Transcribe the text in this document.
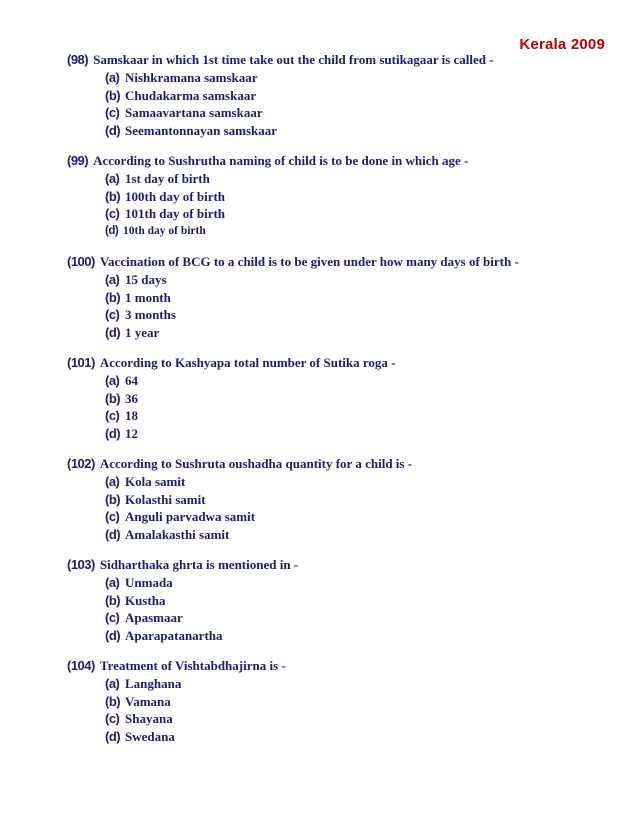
Kerala 2009
(98) Samskaar in which 1st time take out the child from sutikagaar is called -
(a) Nishkramana samskaar
(b) Chudakarma samskaar
(c) Samaavartana samskaar
(d) Seemantonnayan samskaar
(99) According to Sushrutha naming of child is to be done in which age -
(a) 1st day of birth
(b) 100th day of birth
(c) 101th day of birth
(d) 10th day of birth
(100) Vaccination of BCG to a child is to be given under how many days of birth -
(a) 15 days
(b) 1 month
(c) 3 months
(d) 1 year
(101) According to Kashyapa total number of Sutika roga -
(a) 64
(b) 36
(c) 18
(d) 12
(102) According to Sushruta oushadha quantity for a child is -
(a) Kola samit
(b) Kolasthi samit
(c) Anguli parvadwa samit
(d) Amalakasthi samit
(103) Sidharthaka ghrta is mentioned in -
(a) Unmada
(b) Kustha
(c) Apasmaar
(d) Aparapatanartha
(104) Treatment of Vishtabdhajirna is -
(a) Langhana
(b) Vamana
(c) Shayana
(d) Swedana
